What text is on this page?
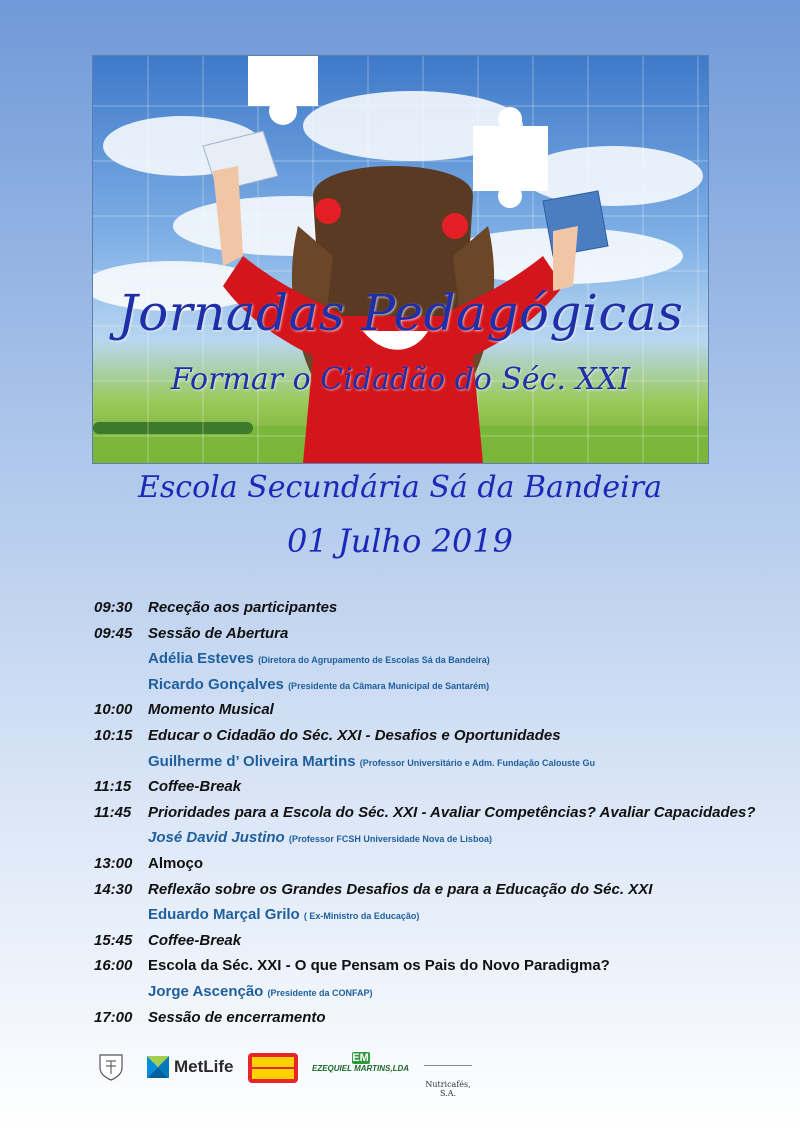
Jornadas Pedagógicas
Formar o Cidadão do Séc. XXI
Escola Secundária Sá da Bandeira
01 Julho 2019
09:30 Receção aos participantes
09:45 Sessão de Abertura
Adélia Esteves (Diretora do Agrupamento de Escolas Sá da Bandeira)
Ricardo Gonçalves (Presidente da Câmara Municipal de Santarém)
10:00 Momento Musical
10:15 Educar o Cidadão do Séc. XXI - Desafios e Oportunidades
Guilherme d’ Oliveira Martins (Professor Universitário e Adm. Fundação Calouste Gu
11:15 Coffee-Break
11:45 Prioridades para a Escola do Séc. XXI - Avaliar Competências? Avaliar Capacidades?
José David Justino (Professor FCSH Universidade Nova de Lisboa)
13:00 Almoço
14:30 Reflexão sobre os Grandes Desafios da e para a Educação do Séc. XXI
Eduardo Marçal Grilo ( Ex-Ministro da Educação)
15:45 Coffee-Break
16:00 Escola da Séc. XXI - O que Pensam os Pais do Novo Paradigma?
Jorge Ascenção (Presidente da CONFAP)
17:00 Sessão de encerramento
MetLife	EM
EZEQUIEL MARTINS,LDA
Nutricafés, S.A.
